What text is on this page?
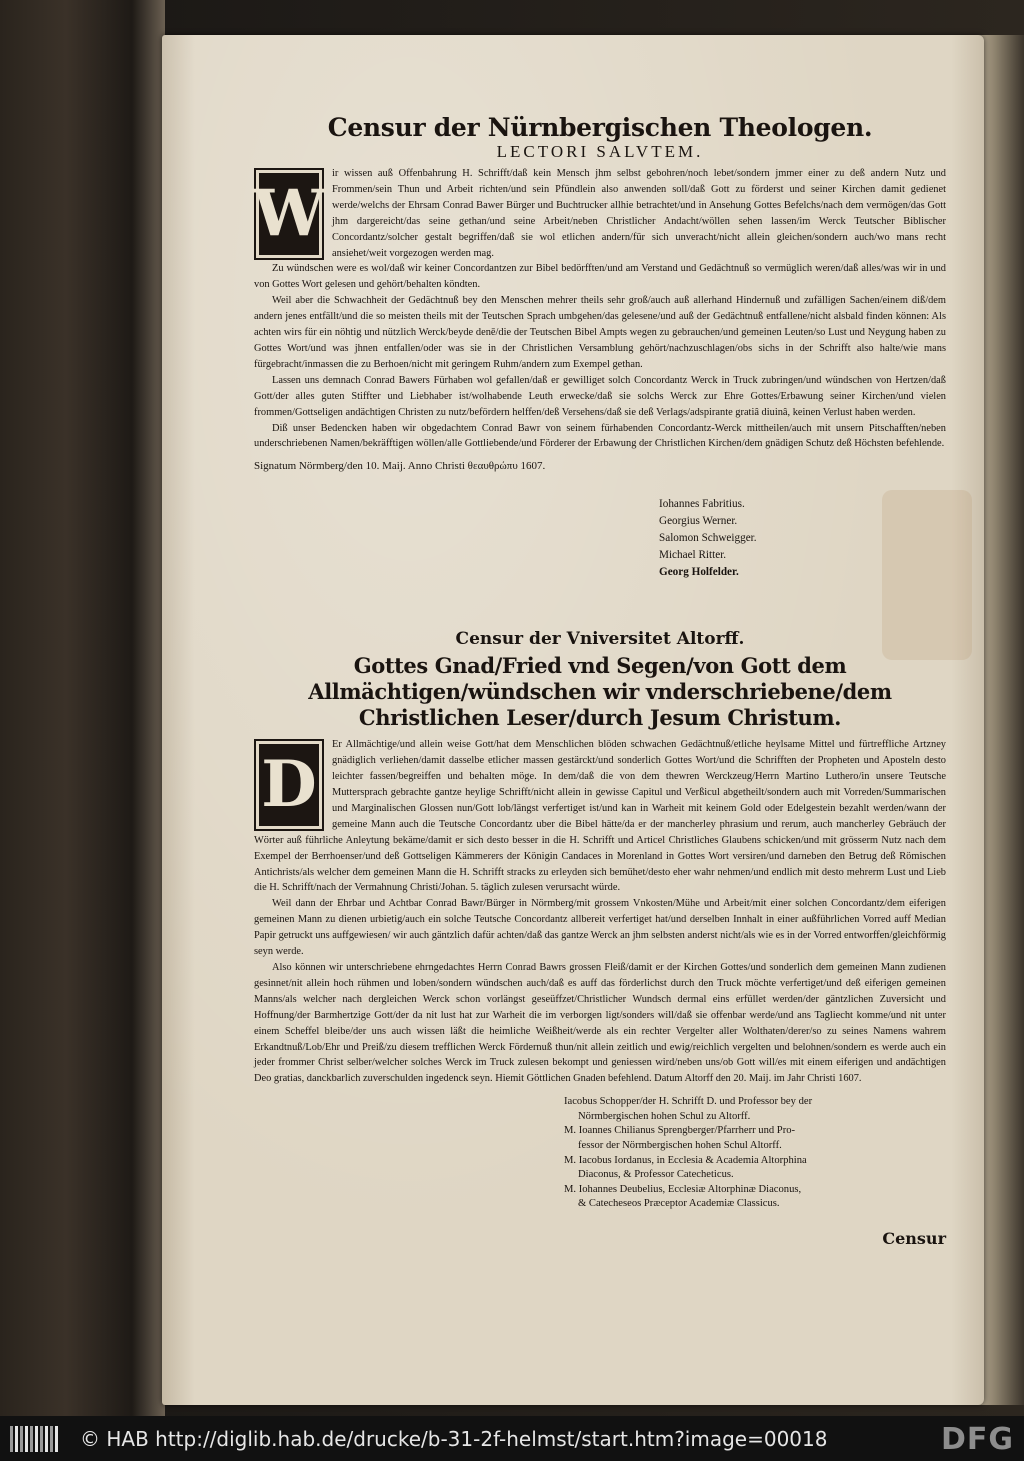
Censur der Nürnbergischen Theologen.
LECTORI SALVTEM.
W

ir wissen auß Offenbahrung H. Schrifft/daß kein Mensch jhm selbst gebohren/noch lebet/sondern jmmer einer zu deß andern Nutz und Frommen/sein Thun und Arbeit richten/und sein Pfündlein also anwenden soll/daß Gott zu förderst und seiner Kirchen damit gedienet werde/welchs der Ehrsam Conrad Bawer Bürger und Buchtrucker allhie betrachtet/und in Ansehung Gottes Befelchs/nach dem vermögen/das Gott jhm dargereicht/das seine gethan/und seine Arbeit/neben Christlicher Andacht/wöllen sehen lassen/im Werck Teutscher Biblischer Concordantz/solcher gestalt begriffen/daß sie wol etlichen andern/für sich unveracht/nicht allein gleichen/sondern auch/wo mans recht ansiehet/weit vorgezogen werden mag.

Zu wündschen were es wol/daß wir keiner Concordantzen zur Bibel bedörfften/und am Verstand und Gedächtnuß so vermüglich weren/daß alles/was wir in und von Gottes Wort gelesen und gehört/behalten köndten.

Weil aber die Schwachheit der Gedächtnuß bey den Menschen mehrer theils sehr groß/auch auß allerhand Hindernuß und zufälligen Sachen/einem diß/dem andern jenes entfällt/und die so meisten theils mit der Teutschen Sprach umbgehen/das gelesene/und auß der Gedächtnuß entfallene/nicht alsbald finden können: Als achten wirs für ein nöhtig und nützlich Werck/beyde denē/die der Teutschen Bibel Ampts wegen zu gebrauchen/und gemeinen Leuten/so Lust und Neygung haben zu Gottes Wort/und was jhnen entfallen/oder was sie in der Christlichen Versamblung gehört/nachzuschlagen/obs sichs in der Schrifft also halte/wie mans fürgebracht/inmassen die zu Berhoen/nicht mit geringem Ruhm/andern zum Exempel gethan.

Lassen uns demnach Conrad Bawers Fürhaben wol gefallen/daß er gewilliget solch Concordantz Werck in Truck zubringen/und wündschen von Hertzen/daß Gott/der alles guten Stiffter und Liebhaber ist/wolhabende Leuth erwecke/daß sie solchs Werck zur Ehre Gottes/Erbawung seiner Kirchen/und vielen frommen/Gottseligen andächtigen Christen zu nutz/befördern helffen/deß Versehens/daß sie deß Verlags/adspirante gratiâ diuinâ, keinen Verlust haben werden.

Diß unser Bedencken haben wir obgedachtem Conrad Bawr von seinem fürhabenden Concordantz-Werck mittheilen/auch mit unsern Pitschafften/neben underschriebenen Namen/bekräfftigen wöllen/alle Gottliebende/und Förderer der Erbawung der Christlichen Kirchen/dem gnädigen Schutz deß Höchsten befehlende.

Signatum Nörmberg/den 10. Maij. Anno Christi θεαυθρώπυ 1607.
Iohannes Fabritius.
Georgius Werner.
Salomon Schweigger.
Michael Ritter.
Georg Holfelder.
Censur der Vniversitet Altorff.
Gottes Gnad/Fried vnd Segen/von Gott dem Allmächtigen/wündschen wir vnderschriebene/dem Christlichen Leser/durch Jesum Christum.
D

Er Allmächtige/und allein weise Gott/hat dem Menschlichen blöden schwachen Gedächtnuß/etliche heylsame Mittel und fürtreffliche Artzney gnädiglich verliehen/damit dasselbe etlicher massen gestärckt/und sonderlich Gottes Wort/und die Schrifften der Propheten und Aposteln desto leichter fassen/begreiffen und behalten möge. In dem/daß die von dem thewren Werckzeug/Herrn Martino Luthero/in unsere Teutsche Muttersprach gebrachte gantze heylige Schrifft/nicht allein in gewisse Capitul und Verßicul abgetheilt/sondern auch mit Vorreden/Summarischen und Marginalischen Glossen nun/Gott lob/längst verfertiget ist/und kan in Warheit mit keinem Gold oder Edelgestein bezahlt werden/wann der gemeine Mann auch die Teutsche Concordantz uber die Bibel hätte/da er der mancherley phrasium und rerum, auch mancherley Gebräuch der Wörter auß führliche Anleytung bekäme/damit er sich desto besser in die H. Schrifft und Articel Christliches Glaubens schicken/und mit grösserm Nutz nach dem Exempel der Berrhoenser/und deß Gottseligen Kämmerers der Königin Candaces in Morenland in Gottes Wort versiren/und darneben den Betrug deß Römischen Antichrists/als welcher dem gemeinen Mann die H. Schrifft stracks zu erleyden sich bemühet/desto eher wahr nehmen/und endlich mit desto mehrerm Lust und Lieb die H. Schrifft/nach der Vermahnung Christi/Johan. 5. täglich zulesen verursacht würde.

Weil dann der Ehrbar und Achtbar Conrad Bawr/Bürger in Nörmberg/mit grossem Vnkosten/Mühe und Arbeit/mit einer solchen Concordantz/dem eiferigen gemeinen Mann zu dienen urbietig/auch ein solche Teutsche Concordantz allbereit verfertiget hat/und derselben Innhalt in einer außführlichen Vorred auff Median Papir getruckt uns auffgewiesen/ wir auch gäntzlich dafür achten/daß das gantze Werck an jhm selbsten anderst nicht/als wie es in der Vorred entworffen/gleichförmig seyn werde.

Also können wir unterschriebene ehrngedachtes Herrn Conrad Bawrs grossen Fleiß/damit er der Kirchen Gottes/und sonderlich dem gemeinen Mann zudienen gesinnet/nit allein hoch rühmen und loben/sondern wündschen auch/daß es auff das förderlichst durch den Truck möchte verfertiget/und deß eiferigen gemeinen Manns/als welcher nach dergleichen Werck schon vorlängst geseüffzet/Christlicher Wundsch dermal eins erfüllet werden/der gäntzlichen Zuversicht und Hoffnung/der Barmhertzige Gott/der da nit lust hat zur Warheit die im verborgen ligt/sonders will/daß sie offenbar werde/und ans Tagliecht komme/und nit unter einem Scheffel bleibe/der uns auch wissen läßt die heimliche Weißheit/werde als ein rechter Vergelter aller Wolthaten/derer/so zu seines Namens wahrem Erkandtnuß/Lob/Ehr und Preiß/zu diesem trefflichen Werck Fördernuß thun/nit allein zeitlich und ewig/reichlich vergelten und belohnen/sondern es werde auch ein jeder frommer Christ selber/welcher solches Werck im Truck zulesen bekompt und geniessen wird/neben uns/ob Gott will/es mit einem eiferigen und andächtigen Deo gratias, danckbarlich zuverschulden ingedenck seyn. Hiemit Göttlichen Gnaden befehlend. Datum Altorff den 20. Maij. im Jahr Christi 1607.

Iacobus Schopper/der H. Schrifft D. und Professor bey der
Nörmbergischen hohen Schul zu Altorff.
M. Ioannes Chilianus Sprengberger/Pfarrherr und Pro-
fessor der Nörmbergischen hohen Schul Altorff.
M. Iacobus Iordanus, in Ecclesia & Academia Altorphina
Diaconus, & Professor Catecheticus.
M. Iohannes Deubelius, Ecclesiæ Altorphinæ Diaconus,
& Catecheseos Præceptor Academiæ Classicus.
Censur
© HAB http://diglib.hab.de/drucke/b-31-2f-helmst/start.htm?image=00018	DFG
